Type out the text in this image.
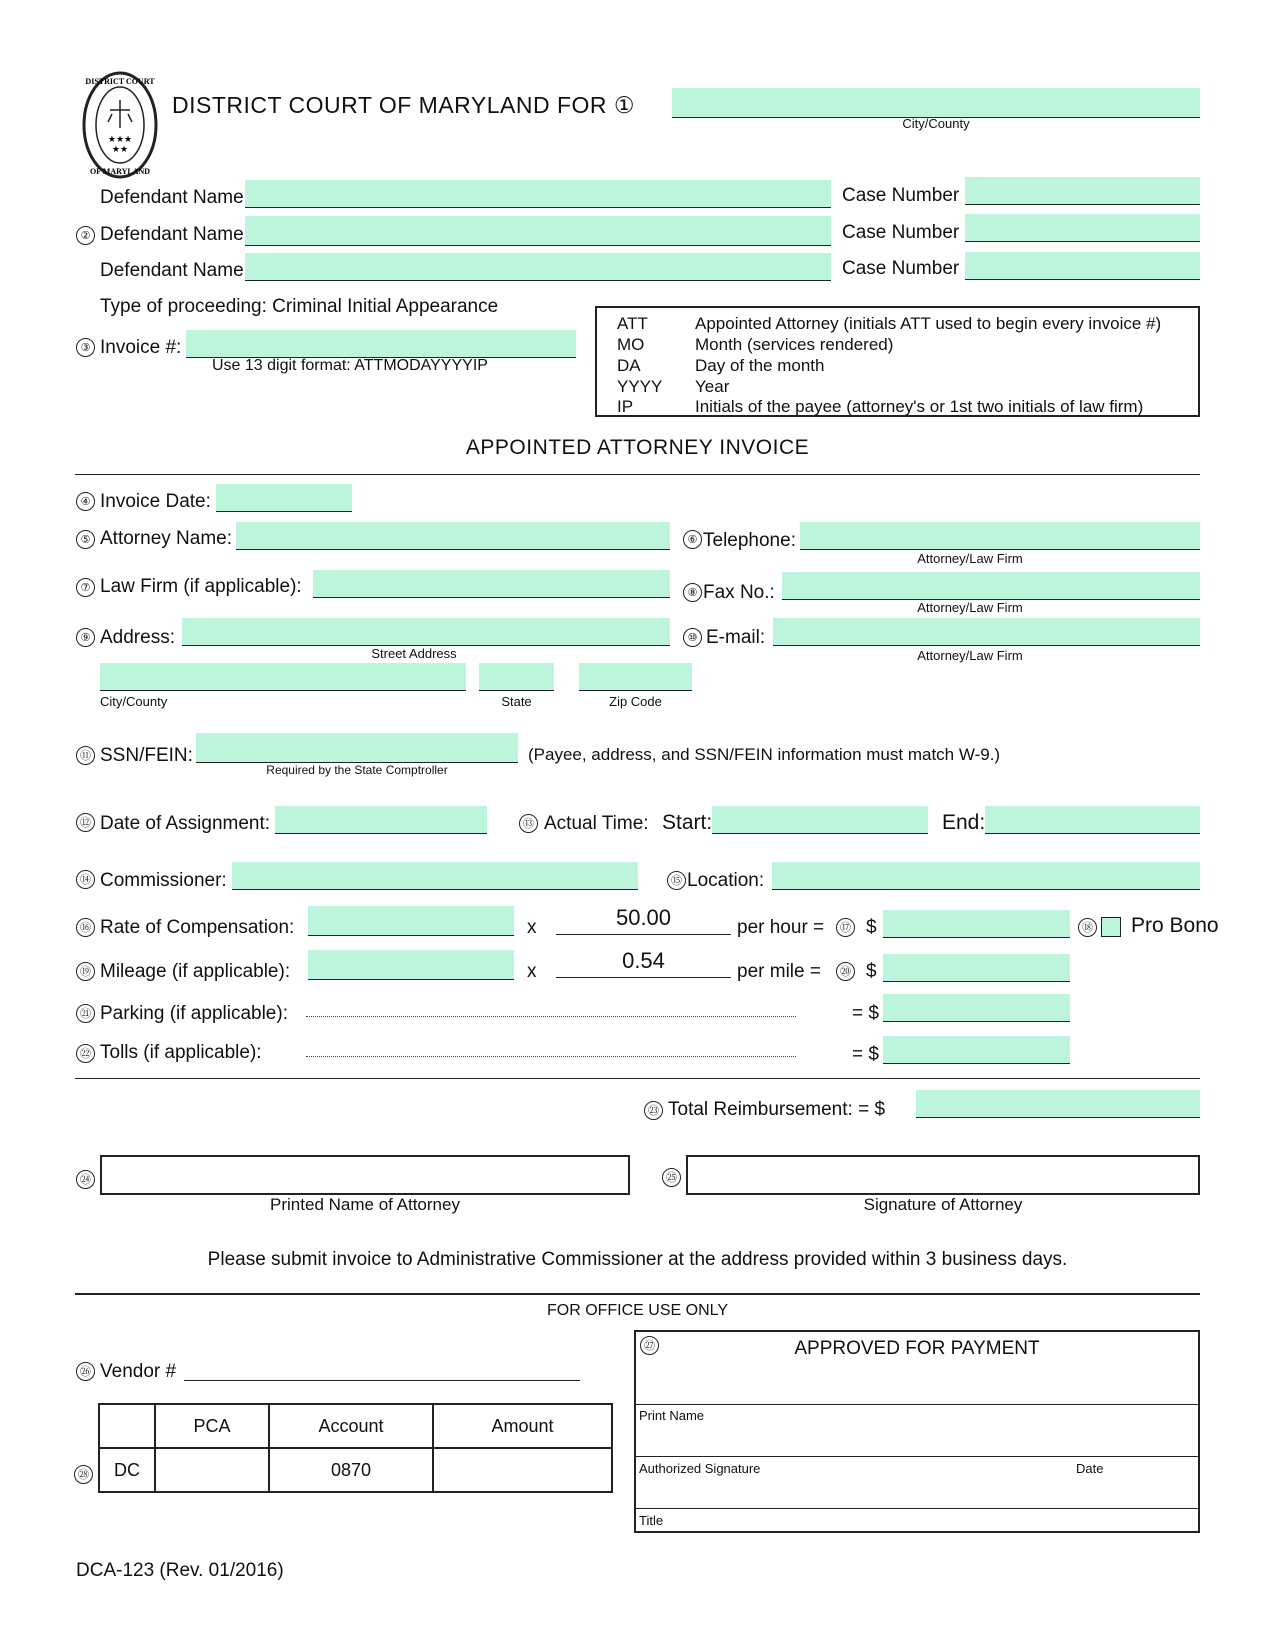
DISTRICT COURT
OF MARYLAND
★★★
★★
DISTRICT COURT OF MARYLAND FOR ①
City/County
Defendant Name	Case Number
② Defendant Name	Case Number
Defendant Name	Case Number
Type of proceeding: Criminal Initial Appearance
③ Invoice #:
Use 13 digit format: ATTMODAYYYYIP
ATT	Appointed Attorney (initials ATT used to begin every invoice #)
MO	Month (services rendered)
DA	Day of the month
YYYY Year
IP	Initials of the payee (attorney's or 1st two initials of law firm)
APPOINTED ATTORNEY INVOICE
④ Invoice Date:
⑤ Attorney Name:	⑥ Telephone:
Attorney/Law Firm
⑦ Law Firm (if applicable):	⑧ Fax No.:
Attorney/Law Firm
⑨ Address:
Street Address
⑩ E-mail:
Attorney/Law Firm
City/County	State	Zip Code
⑪ SSN/FEIN:
Required by the State Comptroller
(Payee, address, and SSN/FEIN information must match W-9.)
⑫ Date of Assignment:	⑬ Actual Time: Start:	End:
⑭ Commissioner:	⑮ Location:
⑯ Rate of Compensation:	x	50.00	per hour =	⑰ $	⑱ Pro Bono
⑲ Mileage (if applicable):	x	0.54	per mile =	⑳ $
㉑ Parking (if applicable):	= $
㉒ Tolls (if applicable):	= $
㉓ Total Reimbursement: = $
㉔
Printed Name of Attorney
㉕
Signature of Attorney
Please submit invoice to Administrative Commissioner at the address provided within 3 business days.
FOR OFFICE USE ONLY
㉖ Vendor #
㉘
	PCA	Account	Amount
DC		0870	
㉗	APPROVED FOR PAYMENT
Print Name
Authorized Signature	Date
Title
DCA-123 (Rev. 01/2016)
